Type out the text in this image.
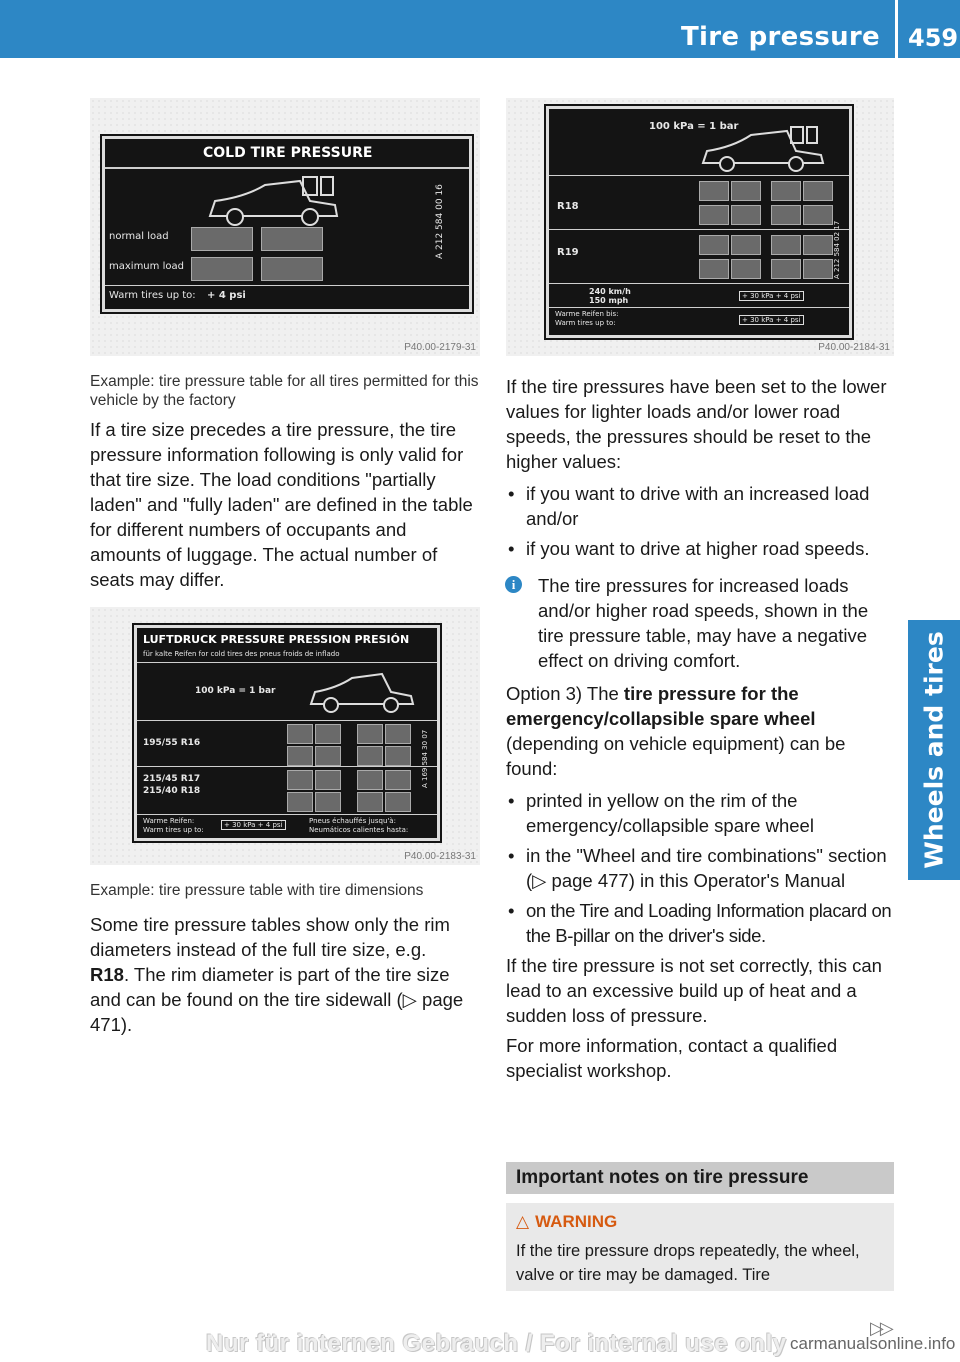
Tire pressure 459
Wheels and tires
COLD TIRE PRESSURE
normal load
maximum load
Warm tires up to: + 4 psi
A 212 584 00 16
P40.00-2179-31

Example: tire pressure table for all tires permitted for this vehicle by the factory

If a tire size precedes a tire pressure, the tire pressure information following is only valid for that tire size. The load conditions "partially laden" and "fully laden" are defined in the table for different numbers of occupants and amounts of luggage. The actual number of seats may differ.

LUFTDRUCK PRESSURE PRESSION PRESIÓN
für kalte Reifen for cold tires des pneus froids de inflado
100 kPa = 1 bar
195/55 R16
215/45 R17
215/40 R18
Warme Reifen:
Warm tires up to:
+ 30 kPa + 4 psi	Pneus échauffés jusqu'à:
Neumáticos calientes hasta:
A 169 584 30 07
P40.00-2183-31

Example: tire pressure table with tire dimensions

Some tire pressure tables show only the rim diameters instead of the full tire size, e.g.
R18. The rim diameter is part of the tire size and can be found on the tire sidewall (▷ page 471).

100 kPa = 1 bar
R18
R19
240 km/h
150 mph	+ 30 kPa + 4 psi
Warme Reifen bis:
Warm tires up to:	+ 30 kPa + 4 psi
A 212 584 02 17
P40.00-2184-31

If the tire pressures have been set to the lower values for lighter loads and/or lower road speeds, the pressures should be reset to the higher values:

• if you want to drive with an increased load and/or
• if you want to drive at higher road speeds.
i	The tire pressures for increased loads and/or higher road speeds, shown in the tire pressure table, may have a negative effect on driving comfort.

Option 3) The tire pressure for the emergency/collapsible spare wheel (depending on vehicle equipment) can be found:

• printed in yellow on the rim of the emergency/collapsible spare wheel
• in the "Wheel and tire combinations" section (▷ page 477) in this Operator's Manual
• on the Tire and Loading Information placard on the B-pillar on the driver's side.

If the tire pressure is not set correctly, this can lead to an excessive build up of heat and a sudden loss of pressure.

For more information, contact a qualified specialist workshop.

Important notes on tire pressure
△ WARNING
If the tire pressure drops repeatedly, the wheel, valve or tire may be damaged. Tire
Nur für internen Gebrauch / For internal use only
▷▷
carmanualsonline.info
